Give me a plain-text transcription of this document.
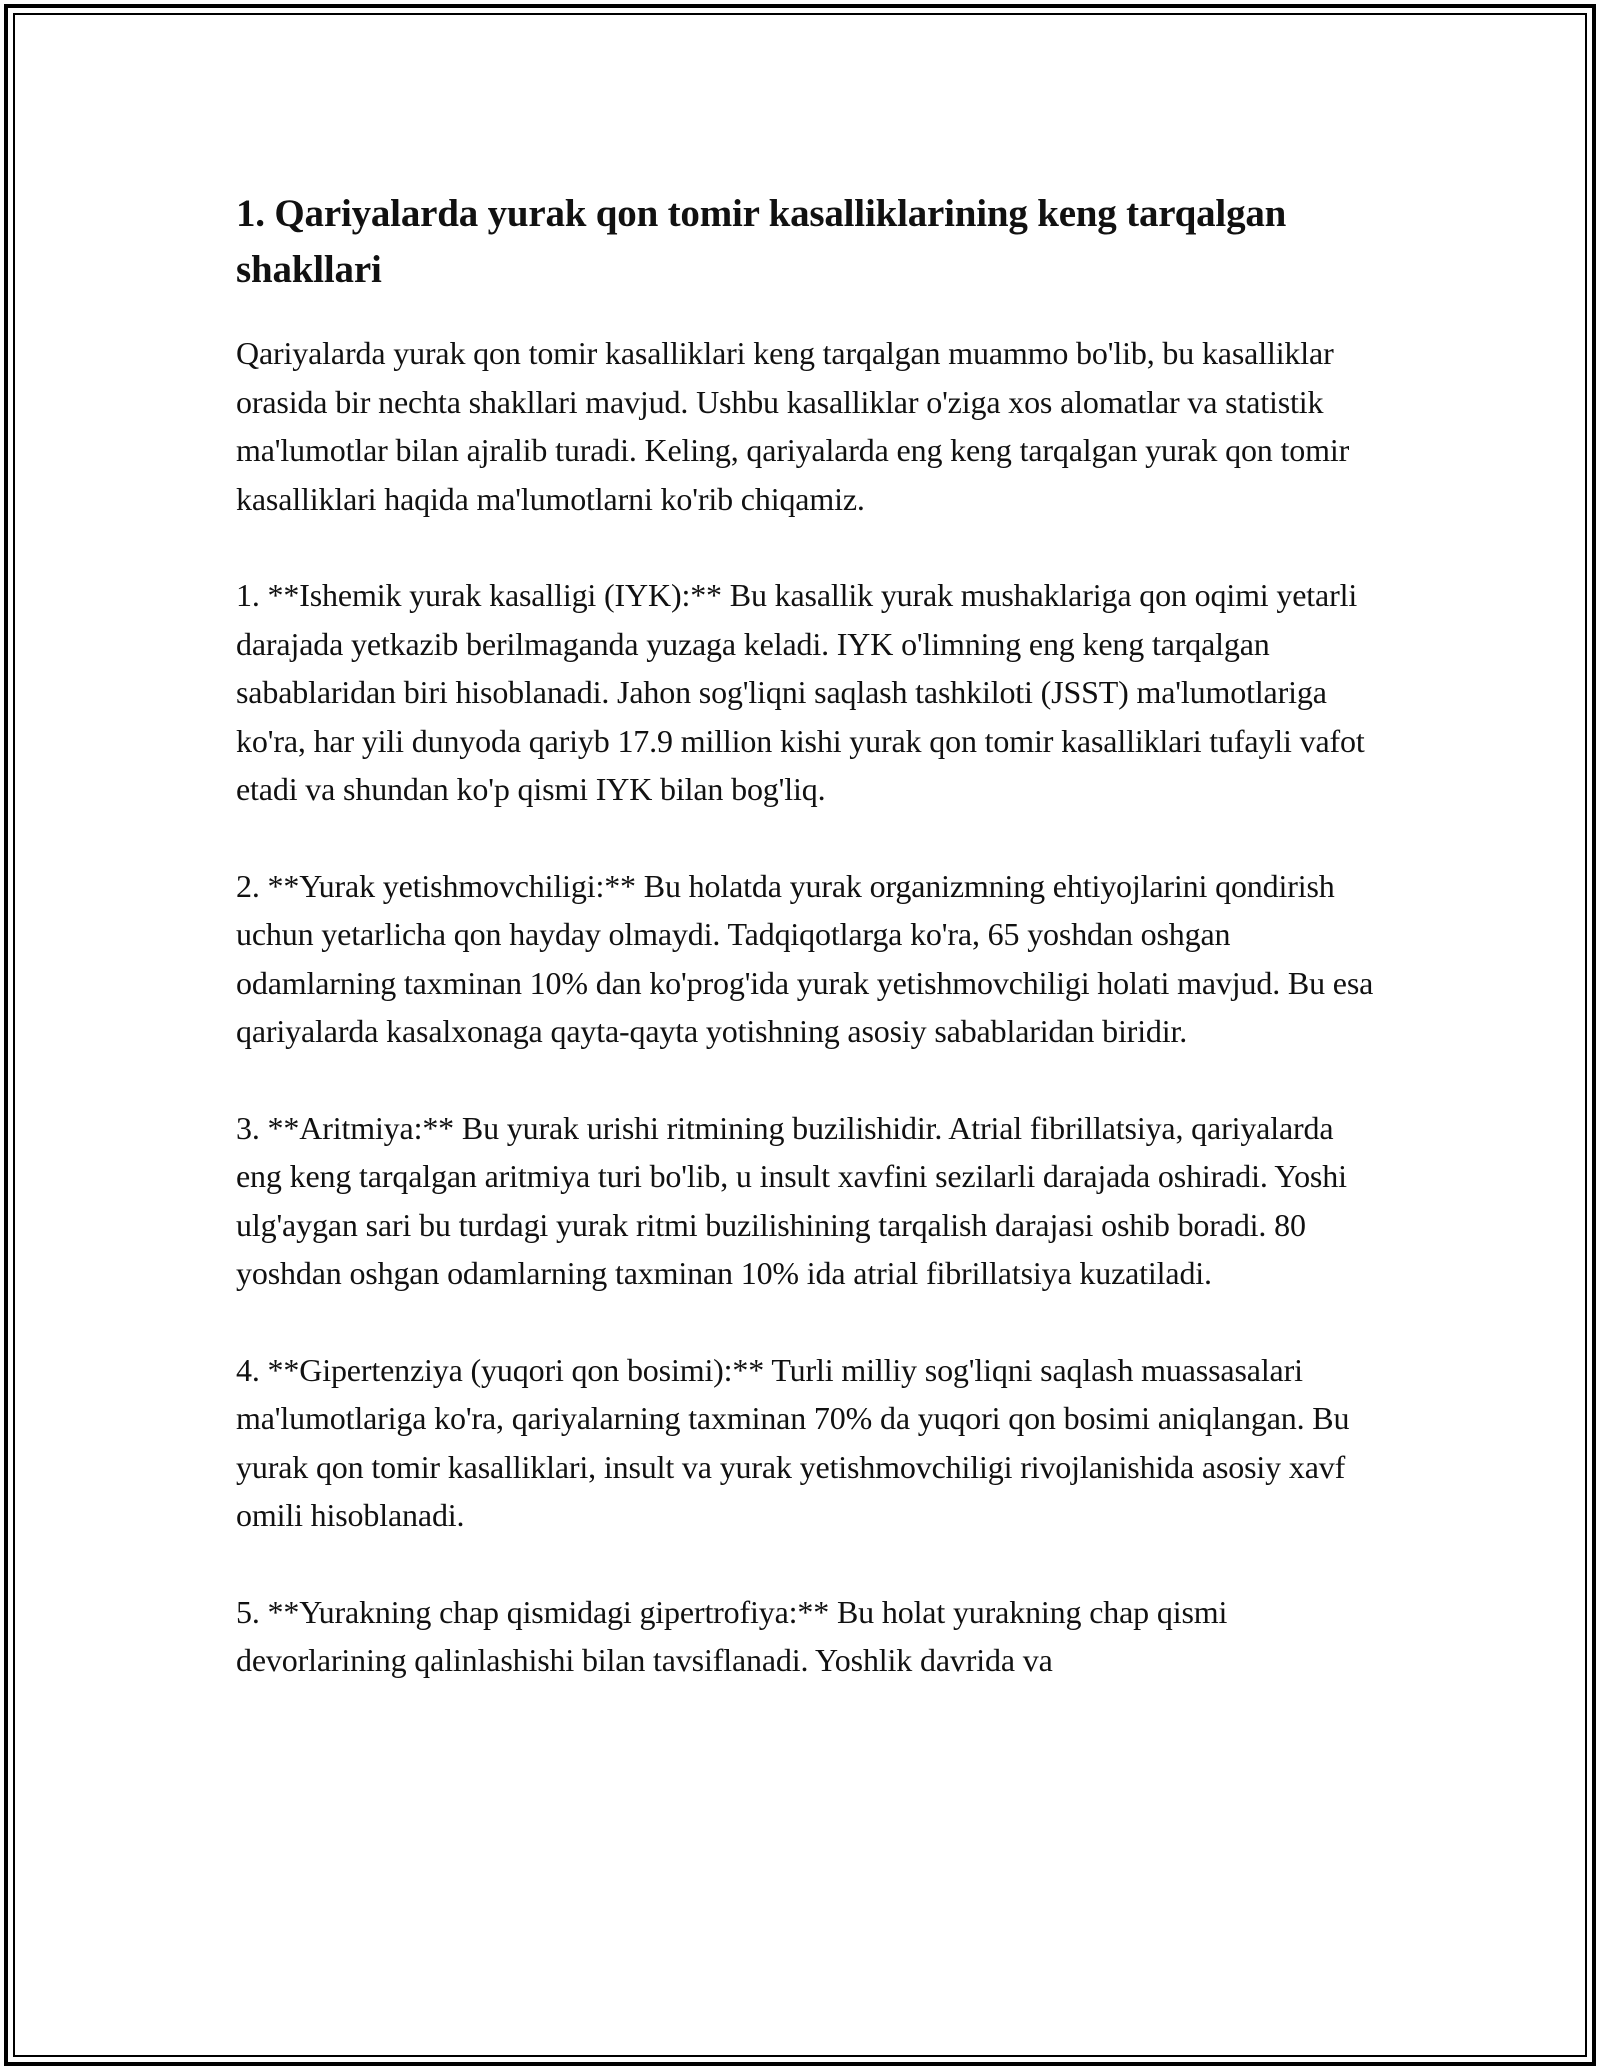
1. Qariyalarda yurak qon tomir kasalliklarining keng tarqalgan shakllari

Qariyalarda yurak qon tomir kasalliklari keng tarqalgan muammo bo'lib, bu kasalliklar orasida bir nechta shakllari mavjud. Ushbu kasalliklar o'ziga xos alomatlar va statistik ma'lumotlar bilan ajralib turadi. Keling, qariyalarda eng keng tarqalgan yurak qon tomir kasalliklari haqida ma'lumotlarni ko'rib chiqamiz.

1. **Ishemik yurak kasalligi (IYK):** Bu kasallik yurak mushaklariga qon oqimi yetarli darajada yetkazib berilmaganda yuzaga keladi. IYK o'limning eng keng tarqalgan sabablaridan biri hisoblanadi. Jahon sog'liqni saqlash tashkiloti (JSST) ma'lumotlariga ko'ra, har yili dunyoda qariyb 17.9 million kishi yurak qon tomir kasalliklari tufayli vafot etadi va shundan ko'p qismi IYK bilan bog'liq.

2. **Yurak yetishmovchiligi:** Bu holatda yurak organizmning ehtiyojlarini qondirish uchun yetarlicha qon hayday olmaydi. Tadqiqotlarga ko'ra, 65 yoshdan oshgan odamlarning taxminan 10% dan ko'prog'ida yurak yetishmovchiligi holati mavjud. Bu esa qariyalarda kasalxonaga qayta-qayta yotishning asosiy sabablaridan biridir.

3. **Aritmiya:** Bu yurak urishi ritmining buzilishidir. Atrial fibrillatsiya, qariyalarda eng keng tarqalgan aritmiya turi bo'lib, u insult xavfini sezilarli darajada oshiradi. Yoshi ulg'aygan sari bu turdagi yurak ritmi buzilishining tarqalish darajasi oshib boradi. 80 yoshdan oshgan odamlarning taxminan 10% ida atrial fibrillatsiya kuzatiladi.

4. **Gipertenziya (yuqori qon bosimi):** Turli milliy sog'liqni saqlash muassasalari ma'lumotlariga ko'ra, qariyalarning taxminan 70% da yuqori qon bosimi aniqlangan. Bu yurak qon tomir kasalliklari, insult va yurak yetishmovchiligi rivojlanishida asosiy xavf omili hisoblanadi.

5. **Yurakning chap qismidagi gipertrofiya:** Bu holat yurakning chap qismi devorlarining qalinlashishi bilan tavsiflanadi. Yoshlik davrida va
